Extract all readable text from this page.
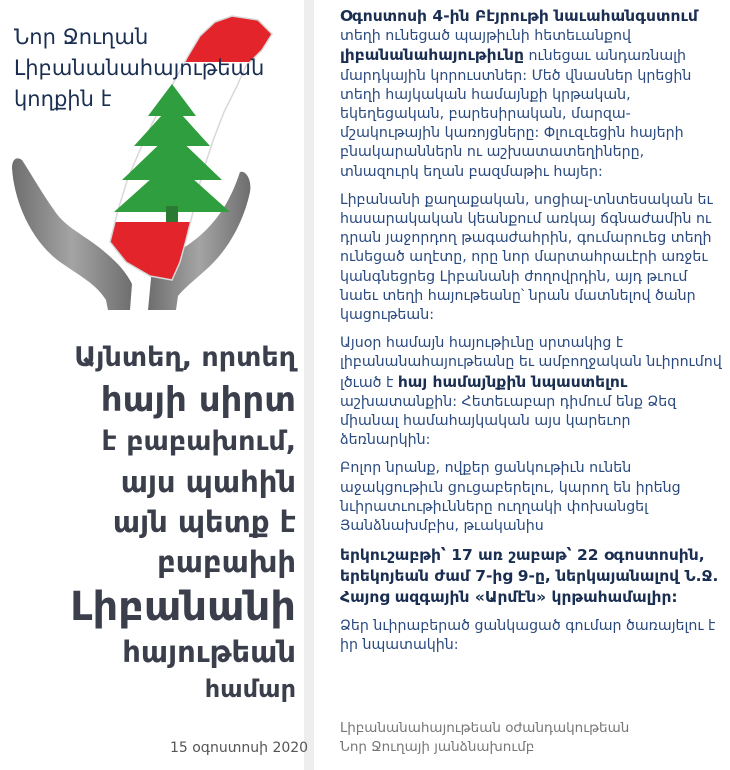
Նոր Ջուղան
Լիբանանահայութեան
կողքին է
Այնտեղ, որտեղ
հայի սիրտ
է բաբախում,
այս պահին
այն պետք է
բաբախի
Լիբանանի
հայութեան
համար
15 օգոստոսի 2020

Օգոստոսի 4-ին Բէյրութի նաւահանգստում տեղի ունեցած պայթիւնի հետեւանքով լիբանանահայութիւնը ունեցաւ անդառնալի մարդկային կորուստներ: Մեծ վնասներ կրեցին տեղի հայկական համայնքի կրթական, եկեղեցական, բարեսիրական, մարզա-մշակութային կառոյցները: Փլուզւեցին հայերի բնակարաններն ու աշխատատեղիները, տնազուրկ եղան բազմաթիւ հայեր:

Լիբանանի քաղաքական, սոցիալ-տնտեսական եւ հասարակական կեանքում առկայ ճգնաժամին ու դրան յաջորդող թագաժահրին, գումարուեց տեղի ունեցած աղէտը, որը նոր մարտահրաւէրի առջեւ կանգնեցրեց Լիբանանի ժողովրդին, այդ թւում նաեւ տեղի հայութեանը՝ նրան մատնելով ծանր կացութեան:

Այսօր համայն հայութիւնը սրտակից է լիբանանահայութեանը եւ ամբողջական նւիրումով լծւած է հայ համայնքին նպաստելու աշխատանքին: Հետեւաբար դիմում ենք Ձեզ միանալ համահայկական այս կարեւոր ձեռնարկին:

Բոլոր նրանք, ովքեր ցանկութիւն ունեն աջակցութիւն ցուցաբերելու, կարող են իրենց նւիրատւութիւնները ուղղակի փոխանցել Յանձնախմբիս, թւականիս

երկուշաբթի՝ 17 առ շաբաթ՝ 22 օգոստոսին, երեկոյեան ժամ 7-ից 9-ը, ներկայանալով Ն.Ջ. Հայոց ազգային «Արմէն» կրթահամալիր:

Ձեր նւիրաբերած ցանկացած գումար ծառայելու է իր նպատակին:

Լիբանանահայութեան օժանդակութեան
Նոր Ջուղայի յանձնախումբ
